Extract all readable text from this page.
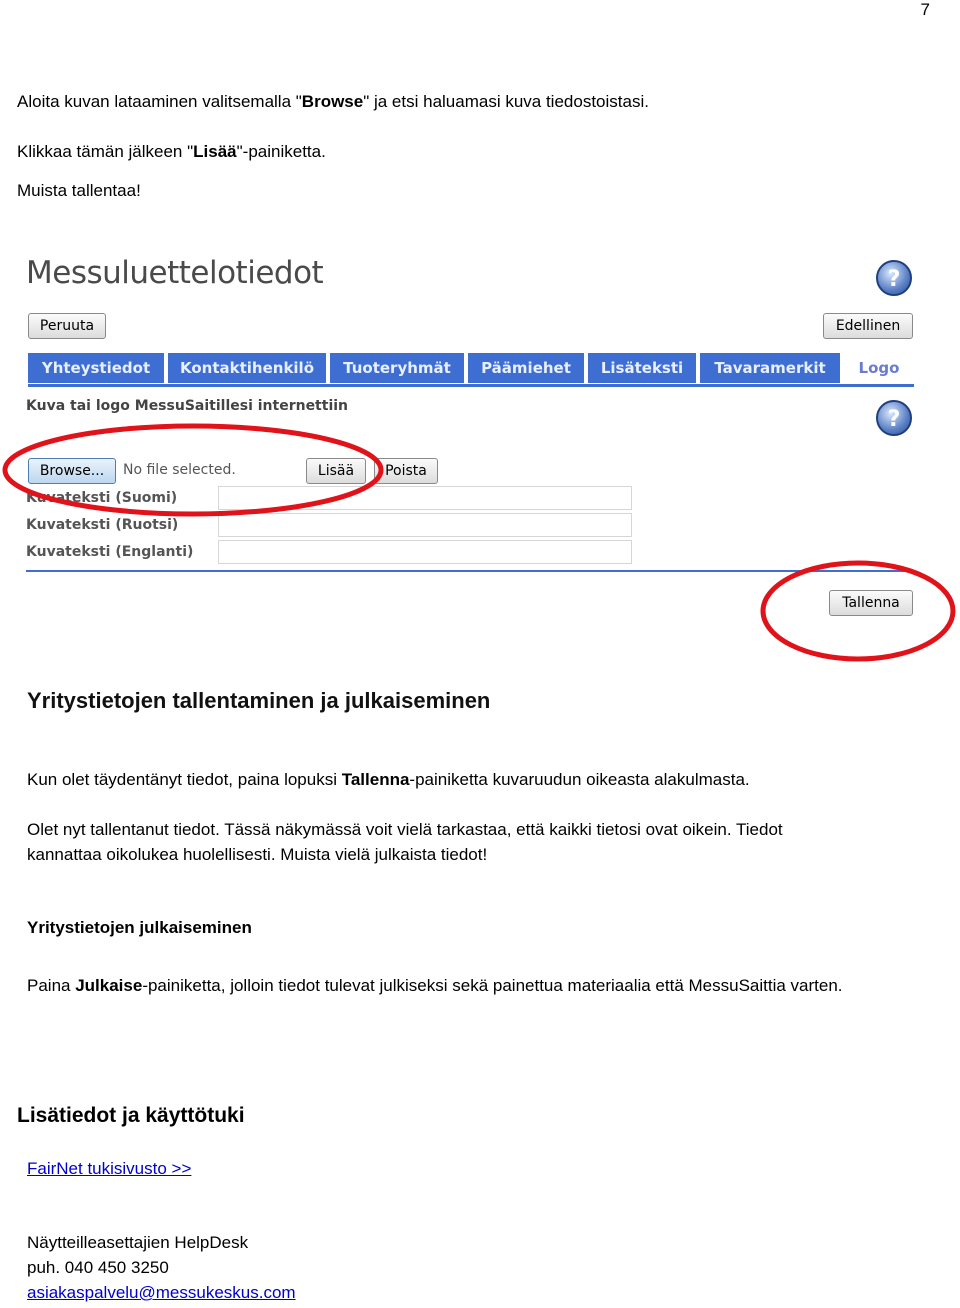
7
Aloita kuvan lataaminen valitsemalla "Browse" ja etsi haluamasi kuva tiedostoistasi.
Klikkaa tämän jälkeen "Lisää"-painiketta.
Muista tallentaa!
Messuluettelotiedot	?
Peruuta	Edellinen
Yhteystiedot	Kontaktihenkilö	Tuoteryhmät	Päämiehet	Lisäteksti	Tavaramerkit	Logo
Kuva tai logo MessuSaitillesi internettiin
?
Browse...	No file selected.	Lisää	Poista
Kuvateksti (Suomi)
Kuvateksti (Ruotsi)
Kuvateksti (Englanti)
Tallenna
Yritystietojen tallentaminen ja julkaiseminen
Kun olet täydentänyt tiedot, paina lopuksi Tallenna-painiketta kuvaruudun oikeasta alakulmasta.
Olet nyt tallentanut tiedot. Tässä näkymässä voit vielä tarkastaa, että kaikki tietosi ovat oikein. Tiedot
kannattaa oikolukea huolellisesti. Muista vielä julkaista tiedot!
Yritystietojen julkaiseminen
Paina Julkaise-painiketta, jolloin tiedot tulevat julkiseksi sekä painettua materiaalia että MessuSaittia varten.
Lisätiedot ja käyttötuki
FairNet tukisivusto >>
Näytteilleasettajien HelpDesk
puh. 040 450 3250
asiakaspalvelu@messukeskus.com
